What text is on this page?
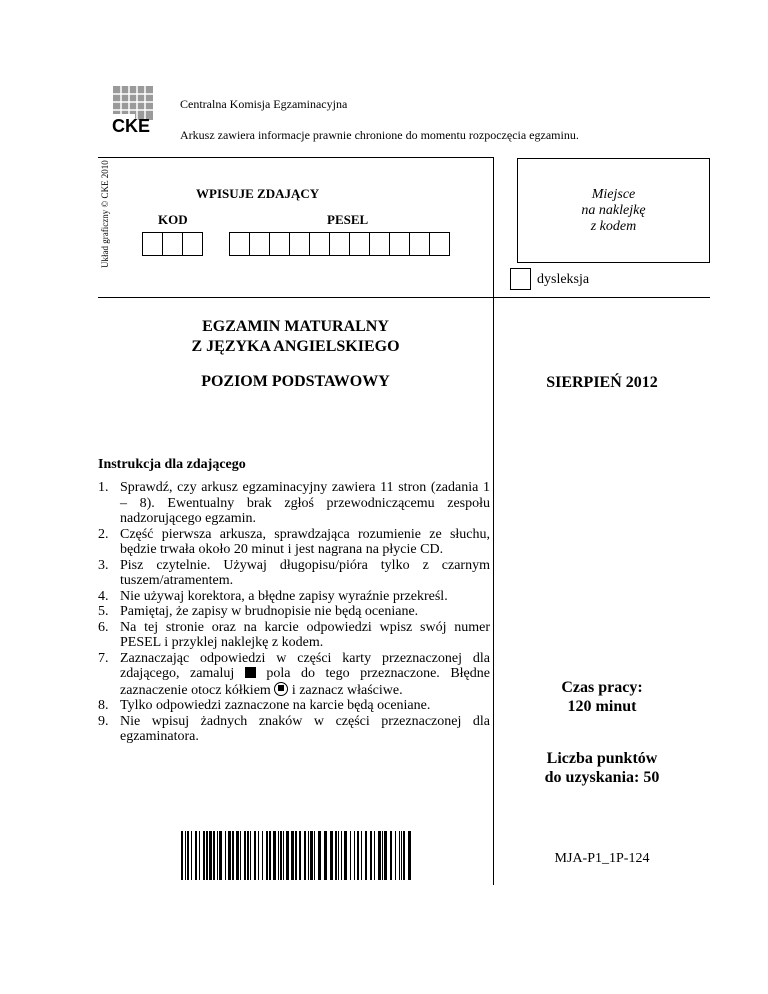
CKE
Centralna Komisja Egzaminacyjna
Arkusz zawiera informacje prawnie chronione do momentu rozpoczęcia egzaminu.
Układ graficzny © CKE 2010	WPISUJE ZDAJĄCY
KOD	PESEL
Miejsce
na naklejkę
z kodem
dysleksja
EGZAMIN MATURALNY
Z JĘZYKA ANGIELSKIEGO
POZIOM PODSTAWOWY	SIERPIEŃ 2012
Instrukcja dla zdającego
1. Sprawdź, czy arkusz egzaminacyjny zawiera 11 stron (zadania 1 – 8). Ewentualny brak zgłoś przewodniczącemu zespołu nadzorującego egzamin.
2. Część pierwsza arkusza, sprawdzająca rozumienie ze słuchu, będzie trwała około 20 minut i jest nagrana na płycie CD.
3. Pisz czytelnie. Używaj długopisu/pióra tylko z czarnym tuszem/atramentem.
4. Nie używaj korektora, a błędne zapisy wyraźnie przekreśl.
5. Pamiętaj, że zapisy w brudnopisie nie będą oceniane.
6. Na tej stronie oraz na karcie odpowiedzi wpisz swój numer PESEL i przyklej naklejkę z kodem.
7. Zaznaczając odpowiedzi w części karty przeznaczonej dla zdającego, zamaluj pola do tego przeznaczone. Błędne zaznaczenie otocz kółkiem i zaznacz właściwe.
8. Tylko odpowiedzi zaznaczone na karcie będą oceniane.
9. Nie wpisuj żadnych znaków w części przeznaczonej dla egzaminatora.
Czas pracy:
120 minut
Liczba punktów
do uzyskania: 50
MJA-P1_1P-124
